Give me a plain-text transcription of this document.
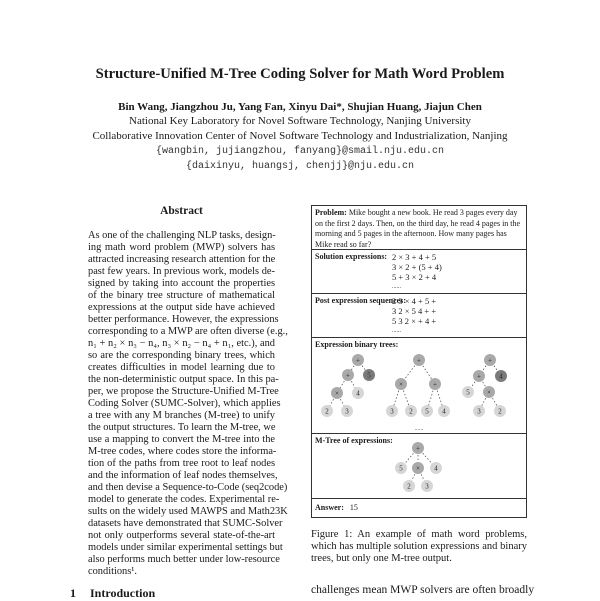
Structure-Unified M-Tree Coding Solver for Math Word Problem
Bin Wang, Jiangzhou Ju, Yang Fan, Xinyu Dai*, Shujian Huang, Jiajun Chen
National Key Laboratory for Novel Software Technology, Nanjing University
Collaborative Innovation Center of Novel Software Technology and Industrialization, Nanjing
{wangbin, jujiangzhou, fanyang}@smail.nju.edu.cn
{daixinyu, huangsj, chenjj}@nju.edu.cn
Abstract
As one of the challenging NLP tasks, design-
ing math word problem (MWP) solvers has
attracted increasing research attention for the
past few years. In previous work, models de-
signed by taking into account the properties
of the binary tree structure of mathematical
expressions at the output side have achieved
better performance. However, the expressions
corresponding to a MWP are often diverse (e.g.,
n₁ + n₂ × n₃ − n₄, n₃ × n₂ − n₄ + n₁, etc.), and
so are the corresponding binary trees, which
creates difficulties in model learning due to
the non-deterministic output space. In this pa-
per, we propose the Structure-Unified M-Tree
Coding Solver (SUMC-Solver), which applies
a tree with any M branches (M-tree) to unify
the output structures. To learn the M-tree, we
use a mapping to convert the M-tree into the
M-tree codes, where codes store the informa-
tion of the paths from tree root to leaf nodes
and the information of leaf nodes themselves,
and then devise a Sequence-to-Code (seq2code)
model to generate the codes. Experimental re-
sults on the widely used MAWPS and Math23K
datasets have demonstrated that SUMC-Solver
not only outperforms several state-of-the-art
models under similar experimental settings but
also performs much better under low-resource
conditions¹.
1 Introduction
Problem: Mike bought a new book. He read 3 pages every day on the first 2 days. Then, on the third day, he read 4 pages in the morning and 5 pages in the afternoon. How many pages has Mike read so far?
Solution expressions: 2 × 3 + 4 + 5
3 × 2 + (5 + 4)
5 + 3 × 2 + 4
......
Post expression sequences:
2 3 × 4 + 5 +
3 2 × 5 4 + +
5 3 2 × + 4 +
......
Expression binary trees:
M-Tree of expressions:
Answer: 15
+
+ 5
× 4
2 3
+
×	+
3 2 5 4
+
+	4
5 ×
3	2
......
+
5 × 4
2 3
Figure 1: An example of math word problems, which has multiple solution expressions and binary trees, but only one M-tree output.
challenges mean MWP solvers are often broadly
